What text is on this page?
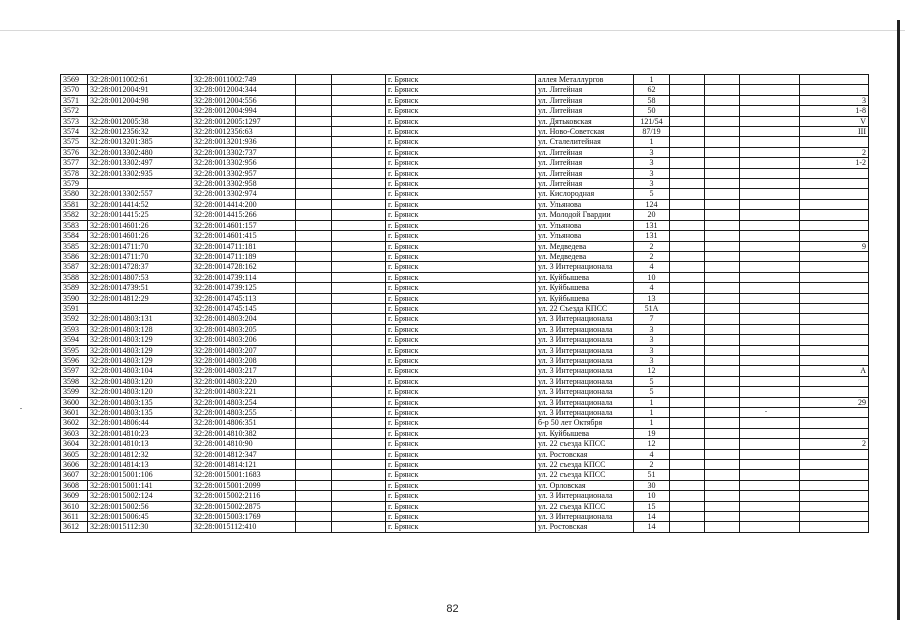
3569	32:28:0011002:61	32:28:0011002:749			г. Брянск	аллея Металлургов	1				
3570	32:28:0012004:91	32:28:0012004:344			г. Брянск	ул. Литейная	62				
3571	32:28:0012004:98	32:28:0012004:556			г. Брянск	ул. Литейная	58				3
3572		32:28:0012004:994			г. Брянск	ул. Литейная	50				1-8
3573	32:28:0012005:38	32:28:0012005:1297			г. Брянск	ул. Дятьковская	121/54				V
3574	32:28:0012356:32	32:28:0012356:63			г. Брянск	ул. Ново-Советская	87/19				III
3575	32:28:0013201:385	32:28:0013201:936			г. Брянск	ул. Сталелитейная	1				
3576	32:28:0013302:480	32:28:0013302:737			г. Брянск	ул. Литейная	3				2
3577	32:28:0013302:497	32:28:0013302:956			г. Брянск	ул. Литейная	3				1-2
3578	32:28:0013302:935	32:28:0013302:957			г. Брянск	ул. Литейная	3				
3579		32:28:0013302:958			г. Брянск	ул. Литейная	3				
3580	32:28:0013302:557	32:28:0013302:974			г. Брянск	ул. Кислородная	5				
3581	32:28:0014414:52	32:28:0014414:200			г. Брянск	ул. Ульянова	124				
3582	32:28:0014415:25	32:28:0014415:266			г. Брянск	ул. Молодой Гвардии	20				
3583	32:28:0014601:26	32:28:0014601:157			г. Брянск	ул. Ульянова	131				
3584	32:28:0014601:26	32:28:0014601:415			г. Брянск	ул. Ульянова	131				
3585	32:28:0014711:70	32:28:0014711:181			г. Брянск	ул. Медведева	2				9
3586	32:28:0014711:70	32:28:0014711:189			г. Брянск	ул. Медведева	2				
3587	32:28:0014728:37	32:28:0014728:162			г. Брянск	ул. 3 Интернационала	4				
3588	32:28:0014807:53	32:28:0014739:114			г. Брянск	ул. Куйбышева	10				
3589	32:28:0014739:51	32:28:0014739:125			г. Брянск	ул. Куйбышева	4				
3590	32:28:0014812:29	32:28:0014745:113			г. Брянск	ул. Куйбышева	13				
3591		32:28:0014745:145			г. Брянск	ул. 22 Съезда КПСС	51А				
3592	32:28:0014803:131	32:28:0014803:204			г. Брянск	ул. 3 Интернационала	7				
3593	32:28:0014803:128	32:28:0014803:205			г. Брянск	ул. 3 Интернационала	3				
3594	32:28:0014803:129	32:28:0014803:206			г. Брянск	ул. 3 Интернационала	3				
3595	32:28:0014803:129	32:28:0014803:207			г. Брянск	ул. 3 Интернационала	3				
3596	32:28:0014803:129	32:28:0014803:208			г. Брянск	ул. 3 Интернационала	3				
3597	32:28:0014803:104	32:28:0014803:217			г. Брянск	ул. 3 Интернационала	12				А
3598	32:28:0014803:120	32:28:0014803:220			г. Брянск	ул. 3 Интернационала	5				
3599	32:28:0014803:120	32:28:0014803:221			г. Брянск	ул. 3 Интернационала	5				
3600	32:28:0014803:135	32:28:0014803:254			г. Брянск	ул. 3 Интернационала	1				29
3601	32:28:0014803:135	32:28:0014803:255			г. Брянск	ул. 3 Интернационала	1				
3602	32:28:0014806:44	32:28:0014806:351			г. Брянск	б-р 50 лет Октября	1				
3603	32:28:0014810:23	32:28:0014810:382			г. Брянск	ул. Куйбышева	19				
3604	32:28:0014810:13	32:28:0014810:90			г. Брянск	ул. 22 съезда КПСС	12				2
3605	32:28:0014812:32	32:28:0014812:347			г. Брянск	ул. Ростовская	4				
3606	32:28:0014814:13	32:28:0014814:121			г. Брянск	ул. 22 съезда КПСС	2				
3607	32:28:0015001:106	32:28:0015001:1683			г. Брянск	ул. 22 съезда КПСС	51				
3608	32:28:0015001:141	32:28:0015001:2099			г. Брянск	ул. Орловская	30				
3609	32:28:0015002:124	32:28:0015002:2116			г. Брянск	ул. 3 Интернационала	10				
3610	32:28:0015002:56	32:28:0015002:2875			г. Брянск	ул. 22 съезда КПСС	15				
3611	32:28:0015006:45	32:28:0015003:1769			г. Брянск	ул. 3 Интернационала	14				
3612	32:28:0015112:30	32:28:0015112:410			г. Брянск	ул. Ростовская	14				
82
